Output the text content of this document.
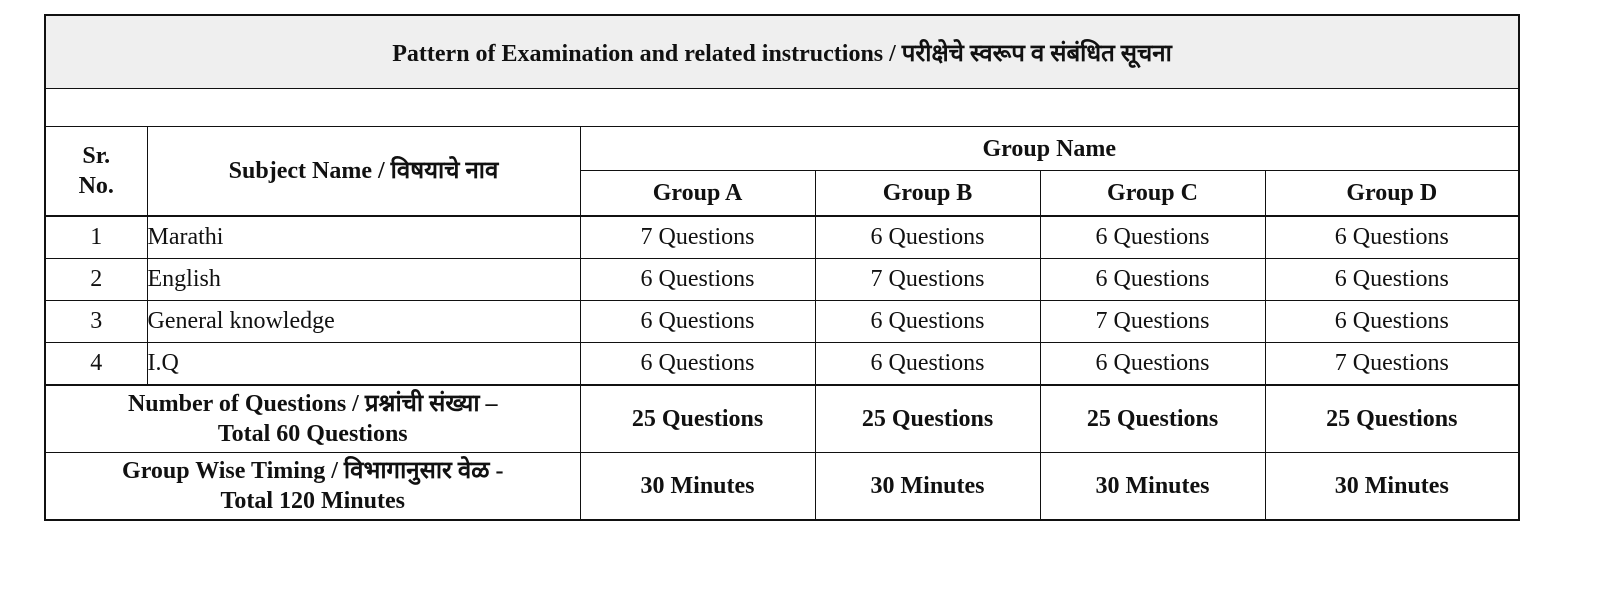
Pattern of Examination and related instructions / परीक्षेचे स्वरूप व संबंधित सूचना					

Sr.
No.	Subject Name / विषयाचे नाव	Group Name			
		Group A	Group B	Group C	Group D
1	Marathi	7 Questions	6 Questions	6 Questions	6 Questions
2	English	6 Questions	7 Questions	6 Questions	6 Questions
3	General knowledge	6 Questions	6 Questions	7 Questions	6 Questions
4	I.Q	6 Questions	6 Questions	6 Questions	7 Questions

Number of Questions / प्रश्नांची संख्या –
Total 60 Questions		25 Questions	25 Questions	25 Questions	25 Questions

Group Wise Timing / विभागानुसार वेळ -
Total 120 Minutes		30 Minutes	30 Minutes	30 Minutes	30 Minutes
